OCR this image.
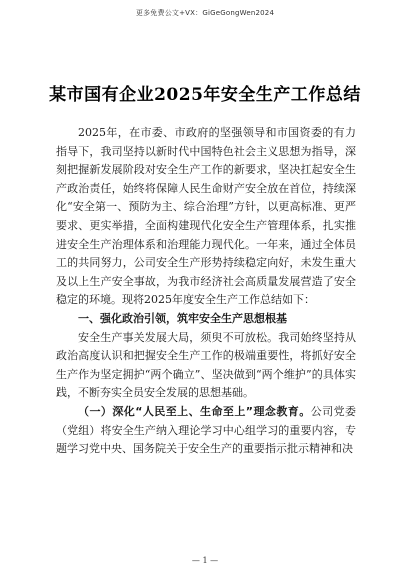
更多免费公文+VX：GiGeGongWen2024
某市国有企业2025年安全生产工作总结

2025年，在市委、市政府的坚强领导和市国资委的有力指导下，我司坚持以新时代中国特色社会主义思想为指导，深刻把握新发展阶段对安全生产工作的新要求，坚决扛起安全生产政治责任，始终将保障人民生命财产安全放在首位，持续深化“安全第一、预防为主、综合治理”方针，以更高标准、更严要求、更实举措，全面构建现代化安全生产管理体系，扎实推进安全生产治理体系和治理能力现代化。一年来，通过全体员工的共同努力，公司安全生产形势持续稳定向好，未发生重大及以上生产安全事故，为我市经济社会高质量发展营造了安全稳定的环境。现将2025年度安全生产工作总结如下：

一、强化政治引领，筑牢安全生产思想根基

安全生产事关发展大局，须臾不可放松。我司始终坚持从政治高度认识和把握安全生产工作的极端重要性，将抓好安全生产作为坚定拥护“两个确立”、坚决做到“两个维护”的具体实践，不断夯实全员安全发展的思想基础。

（一）深化“人民至上、生命至上”理念教育。公司党委（党组）将安全生产纳入理论学习中心组学习的重要内容，专题学习党中央、国务院关于安全生产的重要指示批示精神和决

— 1 —
